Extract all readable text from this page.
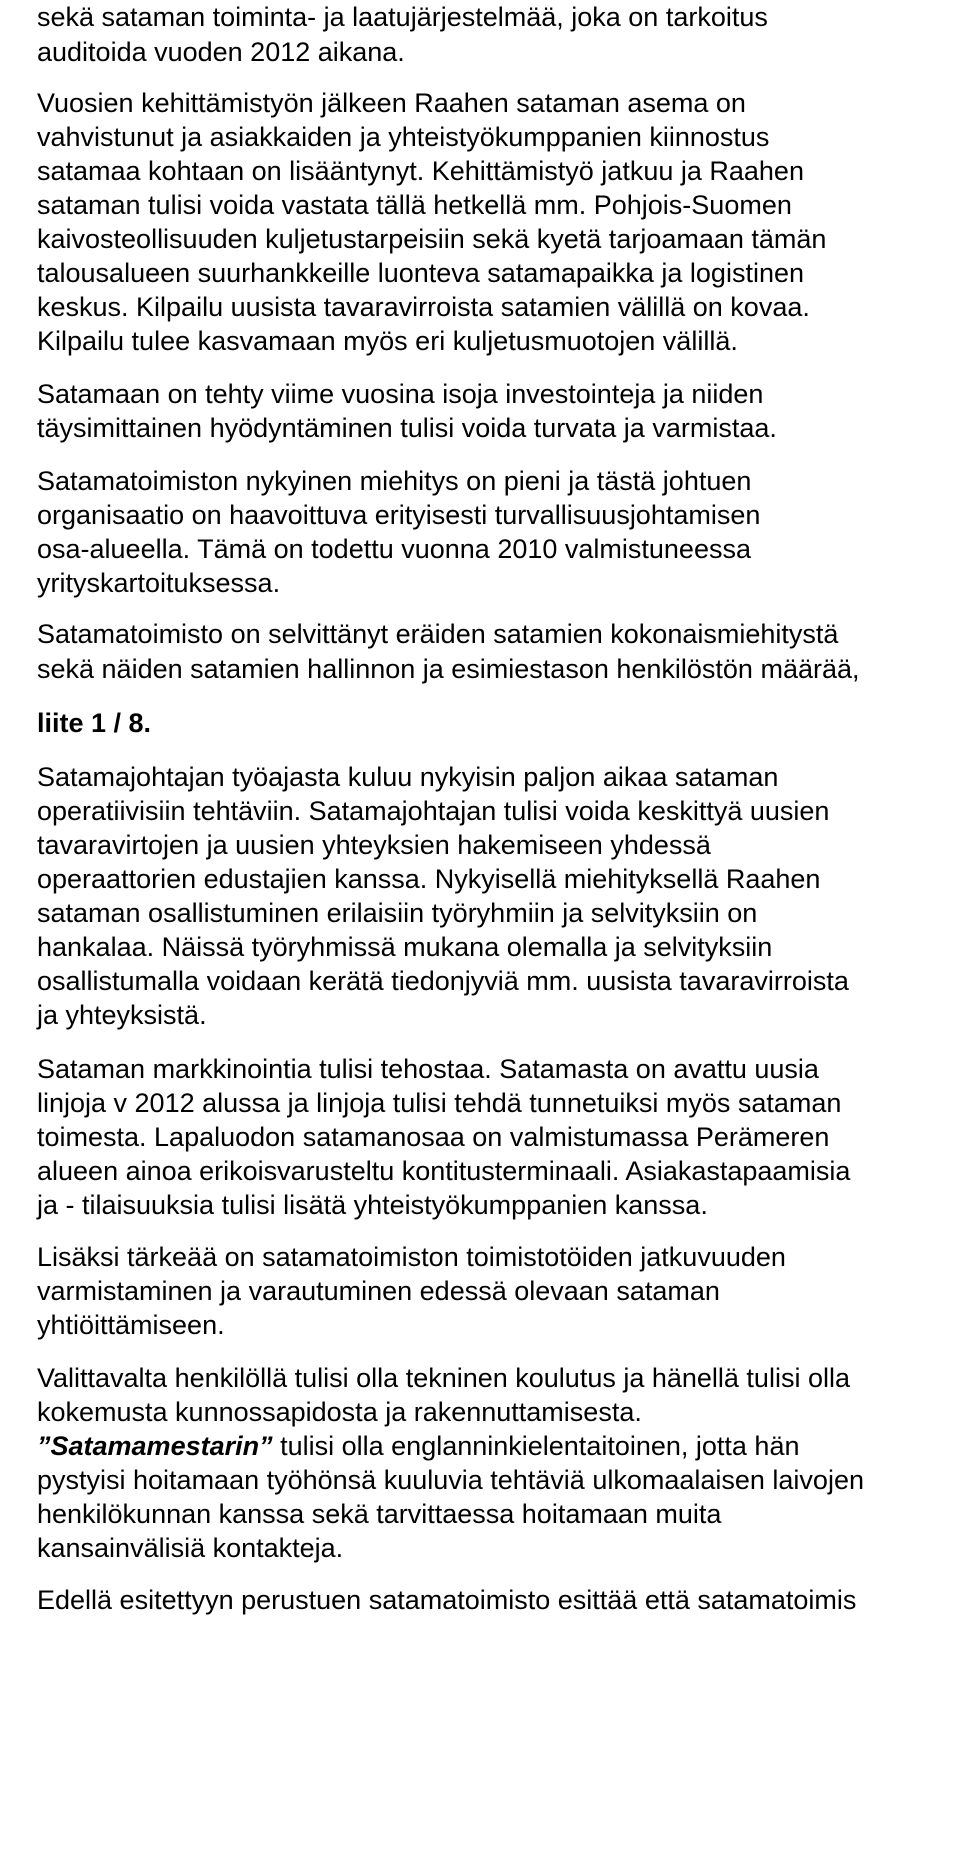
sekä sataman toiminta- ja laatujärjestelmää, joka on tarkoitus

auditoida vuoden 2012 aikana.

Vuosien kehittämistyön jälkeen Raahen sataman asema on

vahvistunut ja asiakkaiden ja yhteistyökumppanien kiinnostus

satamaa kohtaan on lisääntynyt. Kehittämistyö jatkuu ja Raahen

sataman tulisi voida vastata tällä hetkellä mm. Pohjois-Suomen

kaivosteollisuuden kuljetustarpeisiin sekä kyetä tarjoamaan tämän

talousalueen suurhankkeille luonteva satamapaikka ja logistinen

keskus. Kilpailu uusista tavaravirroista satamien välillä on kovaa.

Kilpailu tulee kasvamaan myös eri kuljetusmuotojen välillä.

Satamaan on tehty viime vuosina isoja investointeja ja niiden

täysimittainen hyödyntäminen tulisi voida turvata ja varmistaa.

Satamatoimiston nykyinen miehitys on pieni ja tästä johtuen

organisaatio on haavoittuva erityisesti turvallisuusjohtamisen

osa-alueella. Tämä on todettu vuonna 2010 valmistuneessa

yrityskartoituksessa.

Satamatoimisto on selvittänyt eräiden satamien kokonaismiehitystä

sekä näiden satamien hallinnon ja esimiestason henkilöstön määrää,

liite 1 / 8.

Satamajohtajan työajasta kuluu nykyisin paljon aikaa sataman

operatiivisiin tehtäviin. Satamajohtajan tulisi voida keskittyä uusien

tavaravirtojen ja uusien yhteyksien hakemiseen yhdessä

operaattorien edustajien kanssa. Nykyisellä miehityksellä Raahen

sataman osallistuminen erilaisiin työryhmiin ja selvityksiin on

hankalaa. Näissä työryhmissä mukana olemalla ja selvityksiin

osallistumalla voidaan kerätä tiedonjyviä mm. uusista tavaravirroista

ja yhteyksistä.

Sataman markkinointia tulisi tehostaa. Satamasta on avattu uusia

linjoja v 2012 alussa ja linjoja tulisi tehdä tunnetuiksi myös sataman

toimesta. Lapaluodon satamanosaa on valmistumassa Perämeren

alueen ainoa erikoisvarusteltu kontitusterminaali. Asiakastapaamisia

ja - tilaisuuksia tulisi lisätä yhteistyökumppanien kanssa.

Lisäksi tärkeää on satamatoimiston toimistotöiden jatkuvuuden

varmistaminen ja varautuminen edessä olevaan sataman

yhtiöittämiseen.

Valittavalta henkilöllä tulisi olla tekninen koulutus ja hänellä tulisi olla

kokemusta kunnossapidosta ja rakennuttamisesta.

”Satamamestarin” tulisi olla englanninkielentaitoinen, jotta hän

pystyisi hoitamaan työhönsä kuuluvia tehtäviä ulkomaalaisen laivojen

henkilökunnan kanssa sekä tarvittaessa hoitamaan muita

kansainvälisiä kontakteja.

Edellä esitettyyn perustuen satamatoimisto esittää että satamatoimis
